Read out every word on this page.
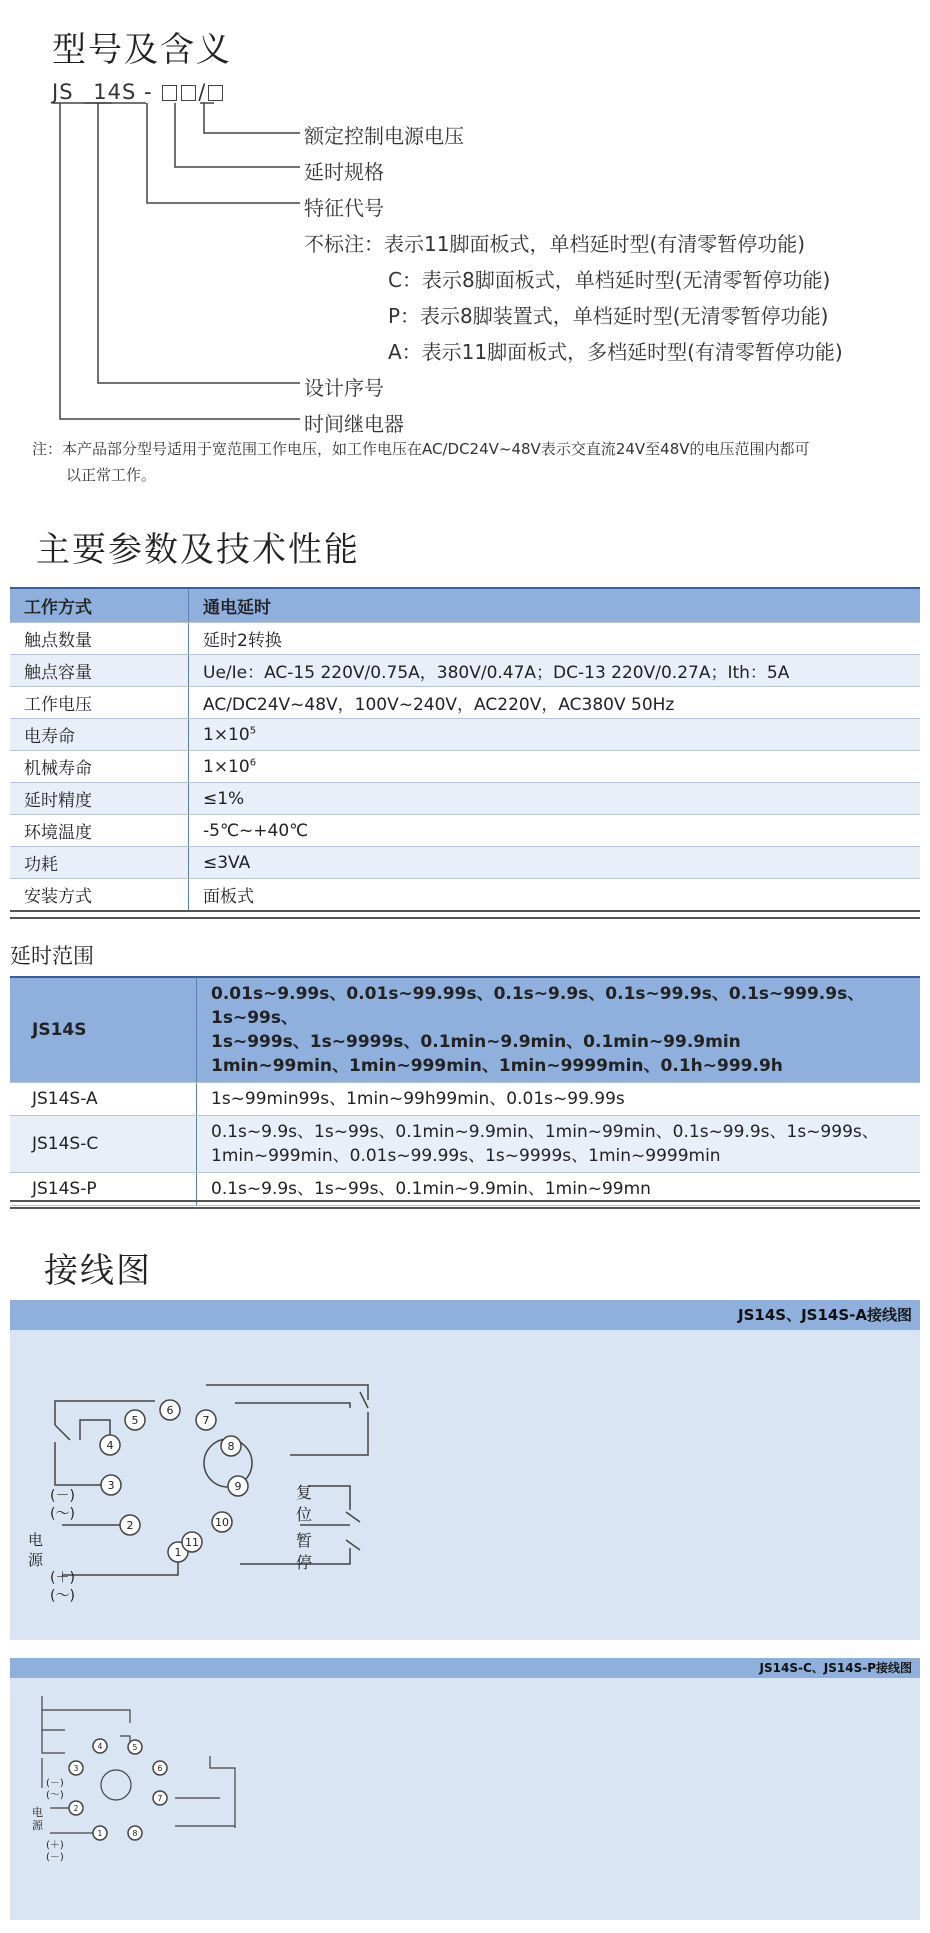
型号及含义
JS 14S - /
额定控制电源电压
延时规格
特征代号
不标注：表示11脚面板式，单档延时型(有清零暂停功能)
C：表示8脚面板式，单档延时型(无清零暂停功能)
P：表示8脚装置式，单档延时型(无清零暂停功能)
A：表示11脚面板式，多档延时型(有清零暂停功能)
设计序号
时间继电器
注：本产品部分型号适用于宽范围工作电压，如工作电压在AC/DC24V~48V表示交直流24V至48V的电压范围内都可
以正常工作。
主要参数及技术性能
工作方式	通电延时
触点数量	延时2转换
触点容量	Ue/Ie：AC-15 220V/0.75A，380V/0.47A；DC-13 220V/0.27A；Ith：5A
工作电压	AC/DC24V~48V，100V~240V，AC220V，AC380V 50Hz
电寿命	$1\times 10^5$
机械寿命	$1\times 10^6$
延时精度	≤1%
环境温度	-5℃~+40℃
功耗	≤3VA
安装方式	面板式
延时范围
JS14S	0.01s~9.99s、0.01s~99.99s、0.1s~9.9s、0.1s~99.9s、0.1s~999.9s、1s~99s、
1s~999s、1s~9999s、0.1min~9.9min、0.1min~99.9min
1min~99min、1min~999min、1min~9999min、0.1h~999.9h

JS14S-A	1s~99min99s、1min~99h99min、0.01s~99.99s

JS14S-C	0.1s~9.9s、1s~99s、0.1min~9.9min、1min~99min、0.1s~99.9s、1s~999s、
1min~999min、0.01s~99.99s、1s~9999s、1min~9999min

JS14S-P	0.1s~9.9s、1s~99s、0.1min~9.9min、1min~99mn
接线图
JS14S、JS14S-A接线图
1
2
3
4
5
6
7
8
9
10
11
(－)
(～)
电
源
(＋)
(～)
复
位
暂
停
JS14S-C、JS14S-P接线图
1
2
3
4	5
6
7
8
(－)
(～)
电
源
(＋)
(－)
